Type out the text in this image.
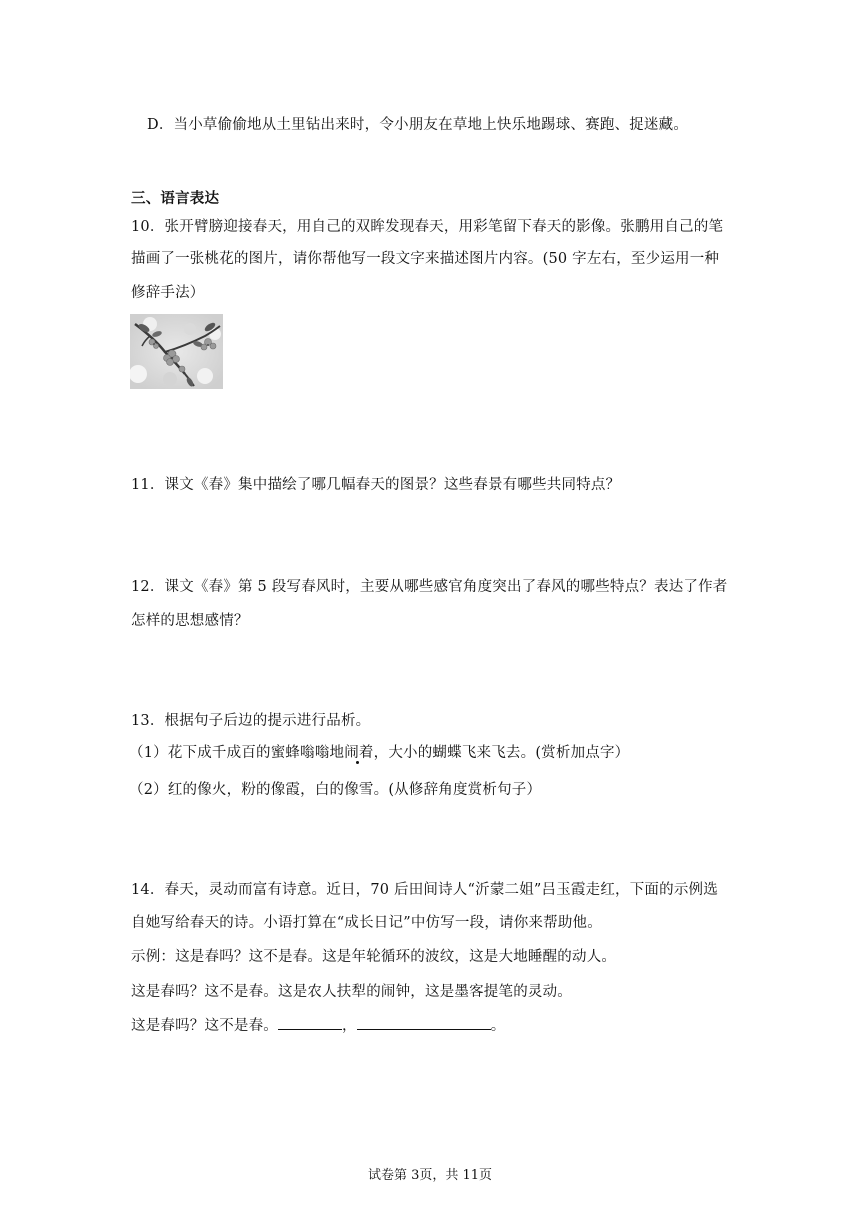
D．当小草偷偷地从土里钻出来时，令小朋友在草地上快乐地踢球、赛跑、捉迷藏。
三、语言表达
10．张开臂膀迎接春天，用自己的双眸发现春天，用彩笔留下春天的影像。张鹏用自己的笔
描画了一张桃花的图片，请你帮他写一段文字来描述图片内容。(50 字左右，至少运用一种
修辞手法）
11．课文《春》集中描绘了哪几幅春天的图景？这些春景有哪些共同特点？
12．课文《春》第 5 段写春风时，主要从哪些感官角度突出了春风的哪些特点？表达了作者
怎样的思想感情？
13．根据句子后边的提示进行品析。
（1）花下成千成百的蜜蜂嗡嗡地闹着，大小的蝴蝶飞来飞去。(赏析加点字）
（2）红的像火，粉的像霞，白的像雪。(从修辞角度赏析句子）
14．春天，灵动而富有诗意。近日，70 后田间诗人“沂蒙二姐”吕玉霞走红，下面的示例选
自她写给春天的诗。小语打算在“成长日记”中仿写一段，请你来帮助他。
示例：这是春吗？这不是春。这是年轮循环的波纹，这是大地睡醒的动人。
这是春吗？这不是春。这是农人扶犁的闹钟，这是墨客提笔的灵动。
这是春吗？这不是春。	，	。
试卷第 3页，共 11页
